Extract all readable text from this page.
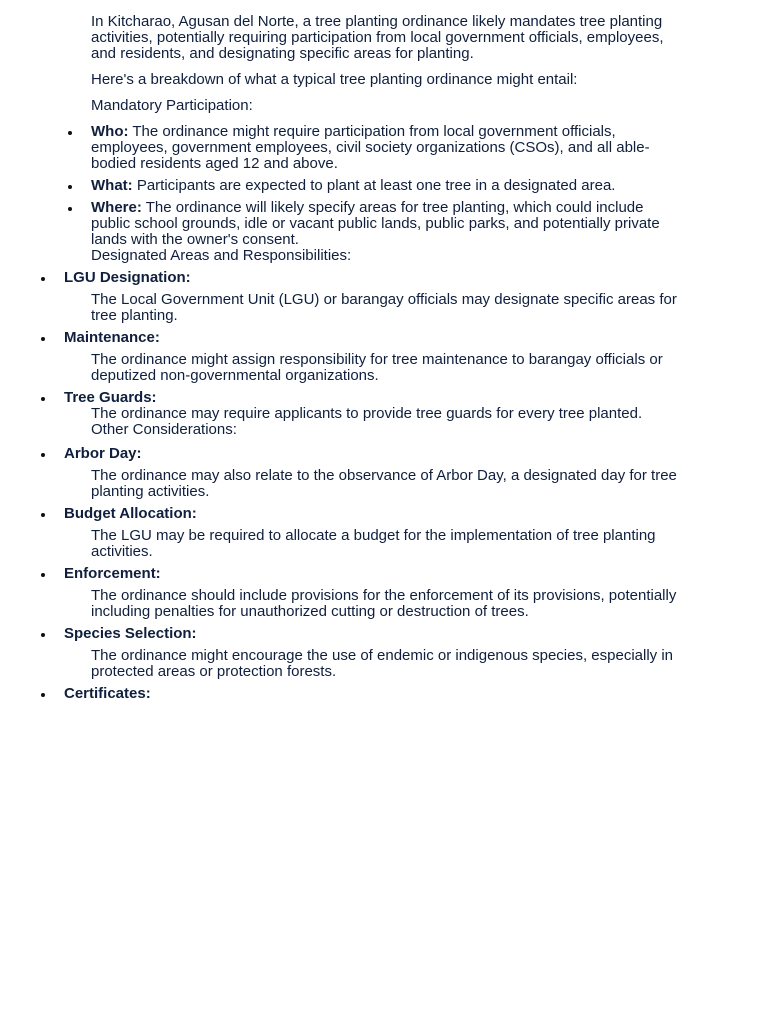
In Kitcharao, Agusan del Norte, a tree planting ordinance likely mandates tree planting activities, potentially requiring participation from local government officials, employees, and residents, and designating specific areas for planting.

Here's a breakdown of what a typical tree planting ordinance might entail:

Mandatory Participation:

Who: The ordinance might require participation from local government officials, employees, government employees, civil society organizations (CSOs), and all able-bodied residents aged 12 and above.
What: Participants are expected to plant at least one tree in a designated area.
Where: The ordinance will likely specify areas for tree planting, which could include public school grounds, idle or vacant public lands, public parks, and potentially private lands with the owner's consent.
Designated Areas and Responsibilities:
LGU Designation:
The Local Government Unit (LGU) or barangay officials may designate specific areas for tree planting.
Maintenance:
The ordinance might assign responsibility for tree maintenance to barangay officials or deputized non-governmental organizations.
Tree Guards:
The ordinance may require applicants to provide tree guards for every tree planted.
Other Considerations:
Arbor Day:
The ordinance may also relate to the observance of Arbor Day, a designated day for tree planting activities.
Budget Allocation:
The LGU may be required to allocate a budget for the implementation of tree planting activities.
Enforcement:
The ordinance should include provisions for the enforcement of its provisions, potentially including penalties for unauthorized cutting or destruction of trees.
Species Selection:
The ordinance might encourage the use of endemic or indigenous species, especially in protected areas or protection forests.
Certificates:
